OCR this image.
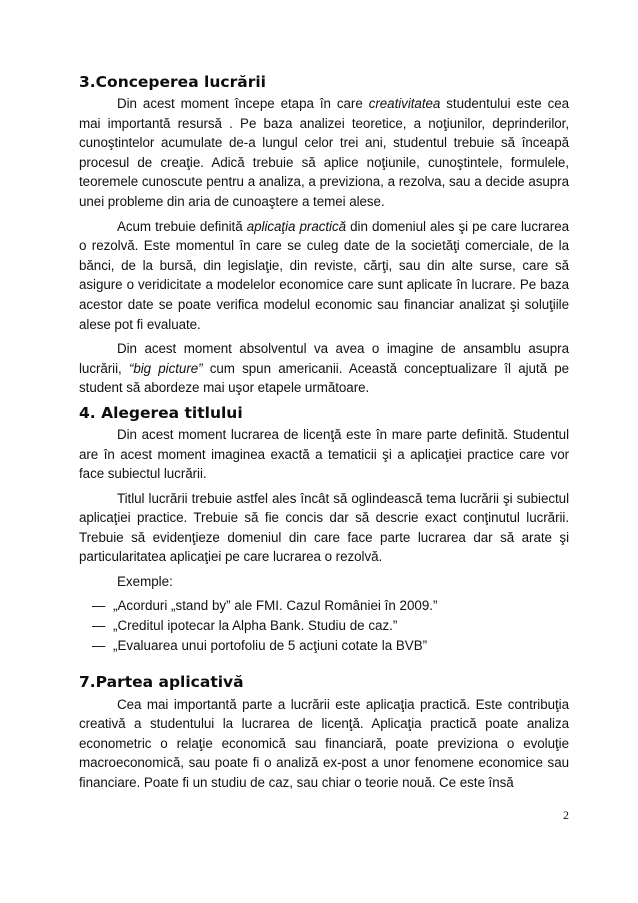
3.Conceperea lucrării

Din acest moment începe etapa în care creativitatea studentului este cea mai importantă resursă . Pe baza analizei teoretice, a noţiunilor, deprinderilor, cunoştintelor acumulate de-a lungul celor trei ani, studentul trebuie să înceapă procesul de creaţie. Adică trebuie să aplice noţiunile, cunoştintele, formulele, teoremele cunoscute pentru a analiza, a previziona, a rezolva, sau a decide asupra unei probleme din aria de cunoaştere a temei alese.

Acum trebuie definită aplicaţia practică din domeniul ales şi pe care lucrarea o rezolvă. Este momentul în care se culeg date de la societăţi comerciale, de la bănci, de la bursă, din legislaţie, din reviste, cărţi, sau din alte surse, care să asigure o veridicitate a modelelor economice care sunt aplicate în lucrare. Pe baza acestor date se poate verifica modelul economic sau financiar analizat şi soluţiile alese pot fi evaluate.

Din acest moment absolventul va avea o imagine de ansamblu asupra lucrării, “big picture” cum spun americanii. Această conceptualizare îl ajută pe student să abordeze mai uşor etapele următoare.

4. Alegerea titlului

Din acest moment lucrarea de licenţă este în mare parte definită. Studentul are în acest moment imaginea exactă a tematicii şi a aplicaţiei practice care vor face subiectul lucrării.

Titlul lucrării trebuie astfel ales încât să oglindească tema lucrării şi subiectul aplicaţiei practice. Trebuie să fie concis dar să descrie exact conţinutul lucrării. Trebuie să evidenţieze domeniul din care face parte lucrarea dar să arate şi particularitatea aplicaţiei pe care lucrarea o rezolvă.

Exemple:
— „Acorduri „stand by” ale FMI. Cazul României în 2009.”
— „Creditul ipotecar la Alpha Bank. Studiu de caz.”
— „Evaluarea unui portofoliu de 5 acţiuni cotate la BVB”
7.Partea aplicativă

Cea mai importantă parte a lucrării este aplicaţia practică. Este contribuţia creativă a studentului la lucrarea de licenţă. Aplicaţia practică poate analiza econometric o relaţie economică sau financiară, poate previziona o evoluţie macroeconomică, sau poate fi o analiză ex-post a unor fenomene economice sau financiare. Poate fi un studiu de caz, sau chiar o teorie nouă. Ce este însă

2
